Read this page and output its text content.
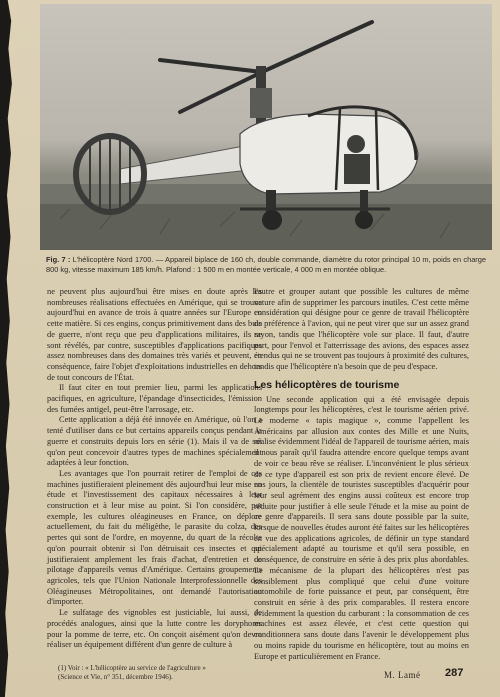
Fig. 7 : L'hélicoptère Nord 1700. — Appareil biplace de 160 ch, double commande, diamètre du rotor principal 10 m, poids en charge 800 kg, vitesse maximum 185 km/h. Plafond : 1 500 m en montée verticale, 4 000 m en montée oblique.

ne peuvent plus aujourd'hui être mises en doute après les nombreuses réalisations effectuées en Amérique, qui se trouve aujourd'hui en avance de trois à quatre années sur l'Europe en cette matière. Si ces engins, conçus primitivement dans des buts de guerre, n'ont reçu que peu d'applications militaires, ils se sont révélés, par contre, susceptibles d'applications pacifiques assez nombreuses dans des domaines très variés et peuvent, en conséquence, faire l'objet d'exploitations industrielles en dehors de tout concours de l'État.

Il faut citer en tout premier lieu, parmi les applications pacifiques, en agriculture, l'épandage d'insecticides, l'émission des fumées antigel, peut-être l'arrosage, etc.

Cette application a déjà été innovée en Amérique, où l'on a tenté d'utiliser dans ce but certains appareils conçus pendant la guerre et construits depuis lors en série (1). Mais il va de soi qu'on peut concevoir d'autres types de machines spécialement adaptées à leur fonction.

Les avantages que l'on pourrait retirer de l'emploi de ces machines justifieraient pleinement dès aujourd'hui leur mise en étude et l'investissement des capitaux nécessaires à leur construction et à leur mise au point. Si l'on considère, par exemple, les cultures oléagineuses en France, on déplore actuellement, du fait du méligèthe, le parasite du colza, des pertes qui sont de l'ordre, en moyenne, du quart de la récolte qu'on pourrait obtenir si l'on détruisait ces insectes et qui justifieraient amplement les frais d'achat, d'entretien et de pilotage d'appareils venus d'Amérique. Certains groupements agricoles, tels que l'Union Nationale Interprofessionnelle des Oléagineuses Métropolitaines, ont demandé l'autorisation d'importer.

Le sulfatage des vignobles est justiciable, lui aussi, de procédés analogues, ainsi que la lutte contre les doryphores pour la pomme de terre, etc. On conçoit aisément qu'on devra réaliser un équipement différent d'un genre de culture à

l'autre et grouper autant que possible les cultures de même nature afin de supprimer les parcours inutiles. C'est cette même considération qui désigne pour ce genre de travail l'hélicoptère de préférence à l'avion, qui ne peut virer que sur un assez grand rayon, tandis que l'hélicoptère vole sur place. Il faut, d'autre part, pour l'envol et l'atterrissage des avions, des espaces assez étendus qui ne se trouvent pas toujours à proximité des cultures, tandis que l'hélicoptère n'a besoin que de peu d'espace.

Les hélicoptères de tourisme

Une seconde application qui a été envisagée depuis longtemps pour les hélicoptères, c'est le tourisme aérien privé. Le moderne « tapis magique », comme l'appellent les Américains par allusion aux contes des Mille et une Nuits, réalise évidemment l'idéal de l'appareil de tourisme aérien, mais il nous paraît qu'il faudra attendre encore quelque temps avant de voir ce beau rêve se réaliser. L'inconvénient le plus sérieux de ce type d'appareil est son prix de revient encore élevé. De nos jours, la clientèle de touristes susceptibles d'acquérir pour leur seul agrément des engins aussi coûteux est encore trop réduite pour justifier à elle seule l'étude et la mise au point de ce genre d'appareils. Il sera sans doute possible par la suite, lorsque de nouvelles études auront été faites sur les hélicoptères en vue des applications agricoles, de définir un type standard spécialement adapté au tourisme et qu'il sera possible, en conséquence, de construire en série à des prix plus abordables. Le mécanisme de la plupart des hélicoptères n'est pas sensiblement plus compliqué que celui d'une voiture automobile de forte puissance et peut, par conséquent, être construit en série à des prix comparables. Il restera encore évidemment la question du carburant : la consommation de ces machines est assez élevée, et c'est cette question qui conditionnera sans doute dans l'avenir le développement plus ou moins rapide du tourisme en hélicoptère, tout au moins en Europe et particulièrement en France.

(1) Voir : « L'hélicoptère au service de l'agriculture »
(Science et Vie, n° 351, décembre 1946).	M. Lamé 287
